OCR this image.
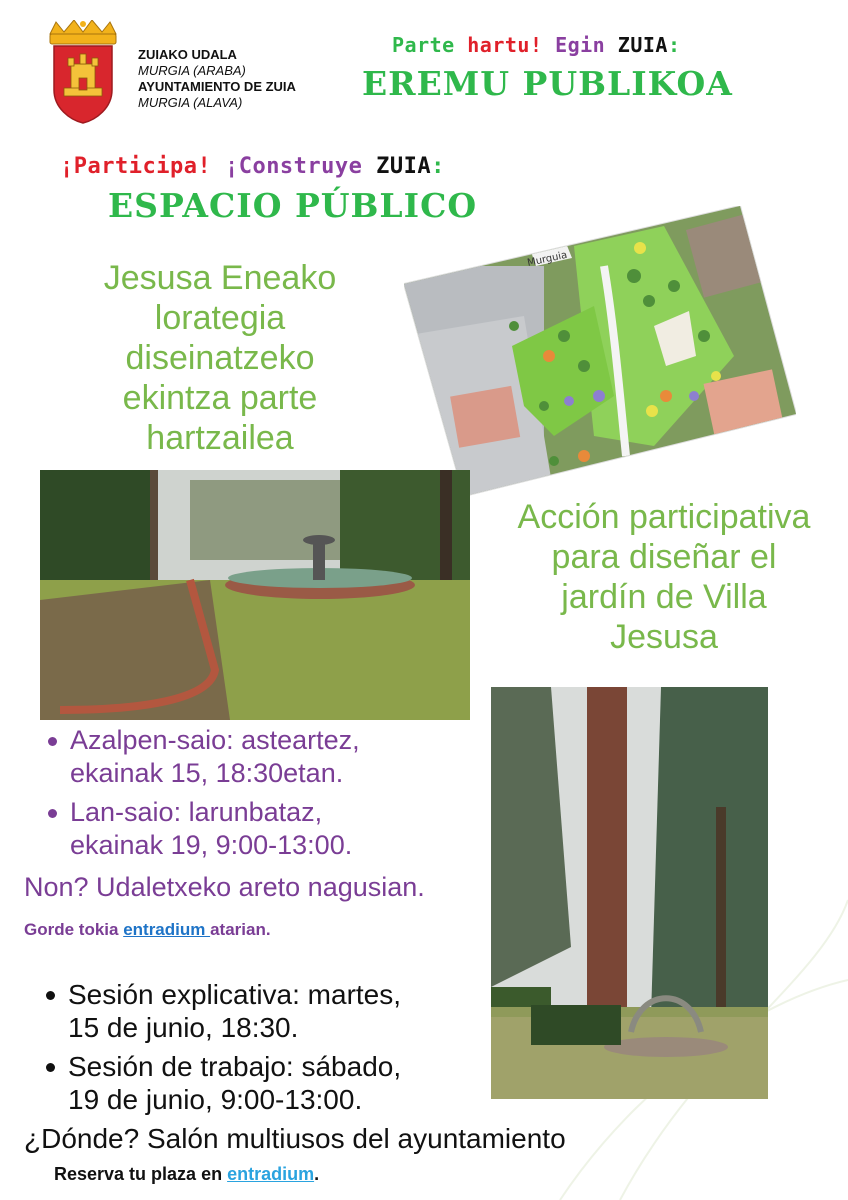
ZUIAKO UDALA
MURGIA (ARABA)
AYUNTAMIENTO DE ZUIA
MURGIA (ALAVA)
Parte hartu! Egin ZUIA:
EREMU PUBLIKOA
¡Participa! ¡Construye ZUIA:
ESPACIO PÚBLICO
Jesusa Eneako
lorategia
diseinatzeko
ekintza parte
hartzailea
Murguia
Acción participativa
para diseñar el
jardín de Villa
Jesusa
Azalpen-saio: asteartez,
ekainak 15, 18:30etan.
Lan-saio: larunbataz,
ekainak 19, 9:00-13:00.
Non? Udaletxeko areto nagusian.
Gorde tokia entradium atarian.
Sesión explicativa: martes,
15 de junio, 18:30.
Sesión de trabajo: sábado,
19 de junio, 9:00-13:00.
¿Dónde? Salón multiusos del ayuntamiento
Reserva tu plaza en entradium.
